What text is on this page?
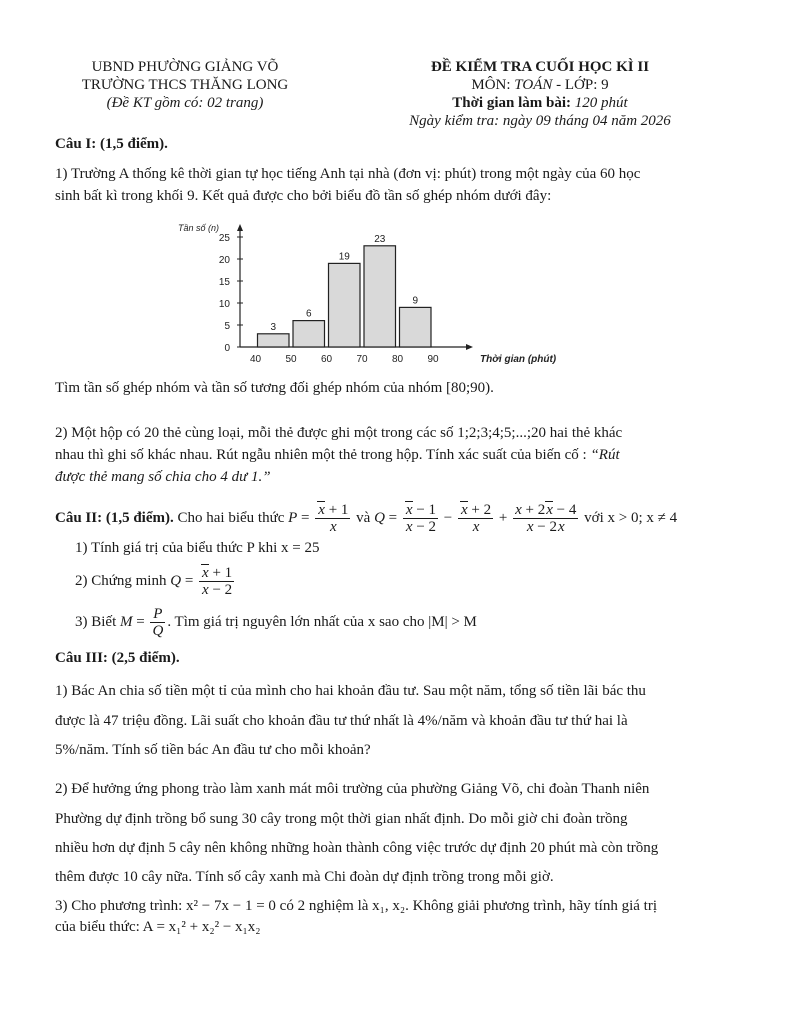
UBND PHƯỜNG GIẢNG VÕ
TRƯỜNG THCS THĂNG LONG
(Đề KT gồm có: 02 trang)
ĐỀ KIỂM TRA CUỐI HỌC KÌ II
MÔN: TOÁN - LỚP: 9
Thời gian làm bài: 120 phút
Ngày kiểm tra: ngày 09 tháng 04 năm 2026
Câu I: (1,5 điểm).
1) Trường A thống kê thời gian tự học tiếng Anh tại nhà (đơn vị: phút) trong một ngày của 60 học
sinh bất kì trong khối 9. Kết quả được cho bởi biểu đồ tần số ghép nhóm dưới đây:
0
5
10
15
20
25
Tần số (n)
3
6
19
23
9
40 50 60 70 80 90	Thời gian (phút)
Tìm tần số ghép nhóm và tần số tương đối ghép nhóm của nhóm [80;90).
2) Một hộp có 20 thẻ cùng loại, mỗi thẻ được ghi một trong các số 1;2;3;4;5;...;20 hai thẻ khác
nhau thì ghi số khác nhau. Rút ngẫu nhiên một thẻ trong hộp. Tính xác suất của biến cố : “Rút
được thẻ mang số chia cho 4 dư 1.”
Câu II: (1,5 điểm). Cho hai biểu thức $P = \frac{x + 1}{x}$ và $Q = \frac{x - 1}{x - 2} - \frac{x + 2}{x} + \frac{x + 2x - 4}{x - 2x}$ với x > 0; x ≠ 4
1) Tính giá trị của biểu thức P khi x = 25
2) Chứng minh $Q = \frac{x + 1}{x - 2}$
3) Biết $M = \frac{P}{Q}$ . Tìm giá trị nguyên lớn nhất của x sao cho |M| > M
Câu III: (2,5 điểm).
1) Bác An chia số tiền một tỉ của mình cho hai khoản đầu tư. Sau một năm, tổng số tiền lãi bác thu
được là 47 triệu đồng. Lãi suất cho khoản đầu tư thứ nhất là 4%/năm và khoản đầu tư thứ hai là
5%/năm. Tính số tiền bác An đầu tư cho mỗi khoản?
2) Để hưởng ứng phong trào làm xanh mát môi trường của phường Giảng Võ, chi đoàn Thanh niên
Phường dự định trồng bổ sung 30 cây trong một thời gian nhất định. Do mỗi giờ chi đoàn trồng
nhiều hơn dự định 5 cây nên không những hoàn thành công việc trước dự định 20 phút mà còn trồng
thêm được 10 cây nữa. Tính số cây xanh mà Chi đoàn dự định trồng trong mỗi giờ.
3) Cho phương trình: x² − 7x − 1 = 0 có 2 nghiệm là x₁, x₂. Không giải phương trình, hãy tính giá trị
của biểu thức: A = x₁² + x₂² − x₁x₂
